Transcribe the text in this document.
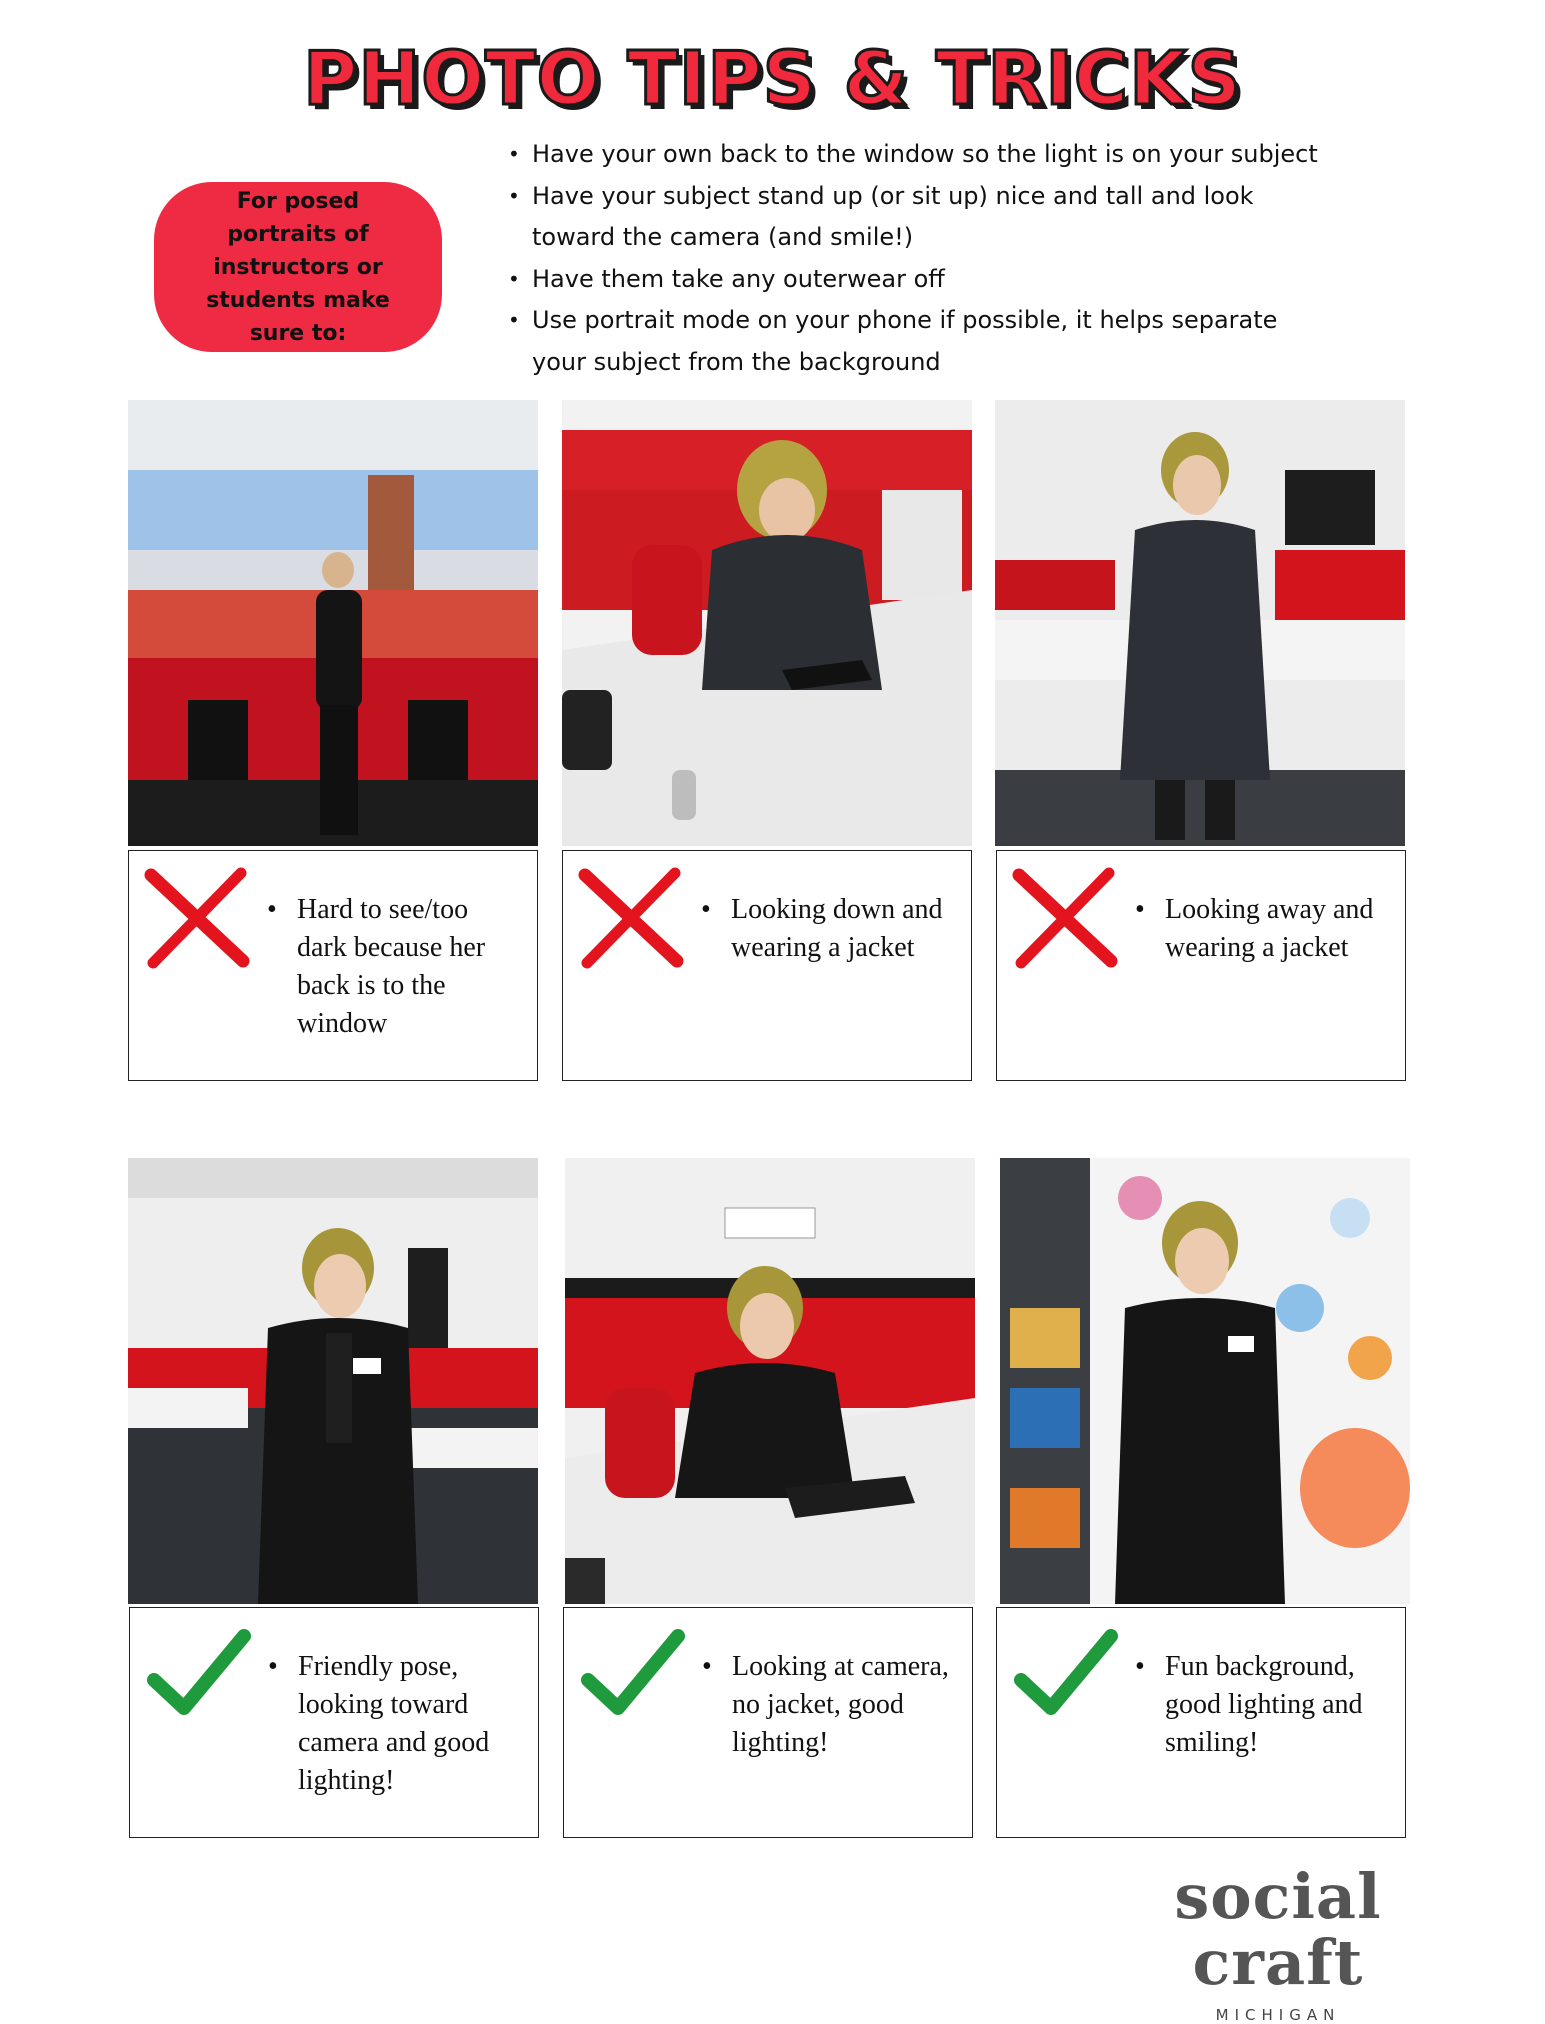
PHOTO TIPS & TRICKS
For posed portraits of instructors or students make sure to:
• Have your own back to the window so the light is on your subject
• Have your subject stand up (or sit up) nice and tall and look toward the camera (and smile!)
• Have them take any outerwear off
• Use portrait mode on your phone if possible, it helps separate your subject from the background
• Hard to see/too dark because her back is to the window
• Looking down and wearing a jacket
• Looking away and wearing a jacket
• Friendly pose, looking toward camera and good lighting!
• Looking at camera, no jacket, good lighting!
• Fun background, good lighting and smiling!
social craft
MICHIGAN
